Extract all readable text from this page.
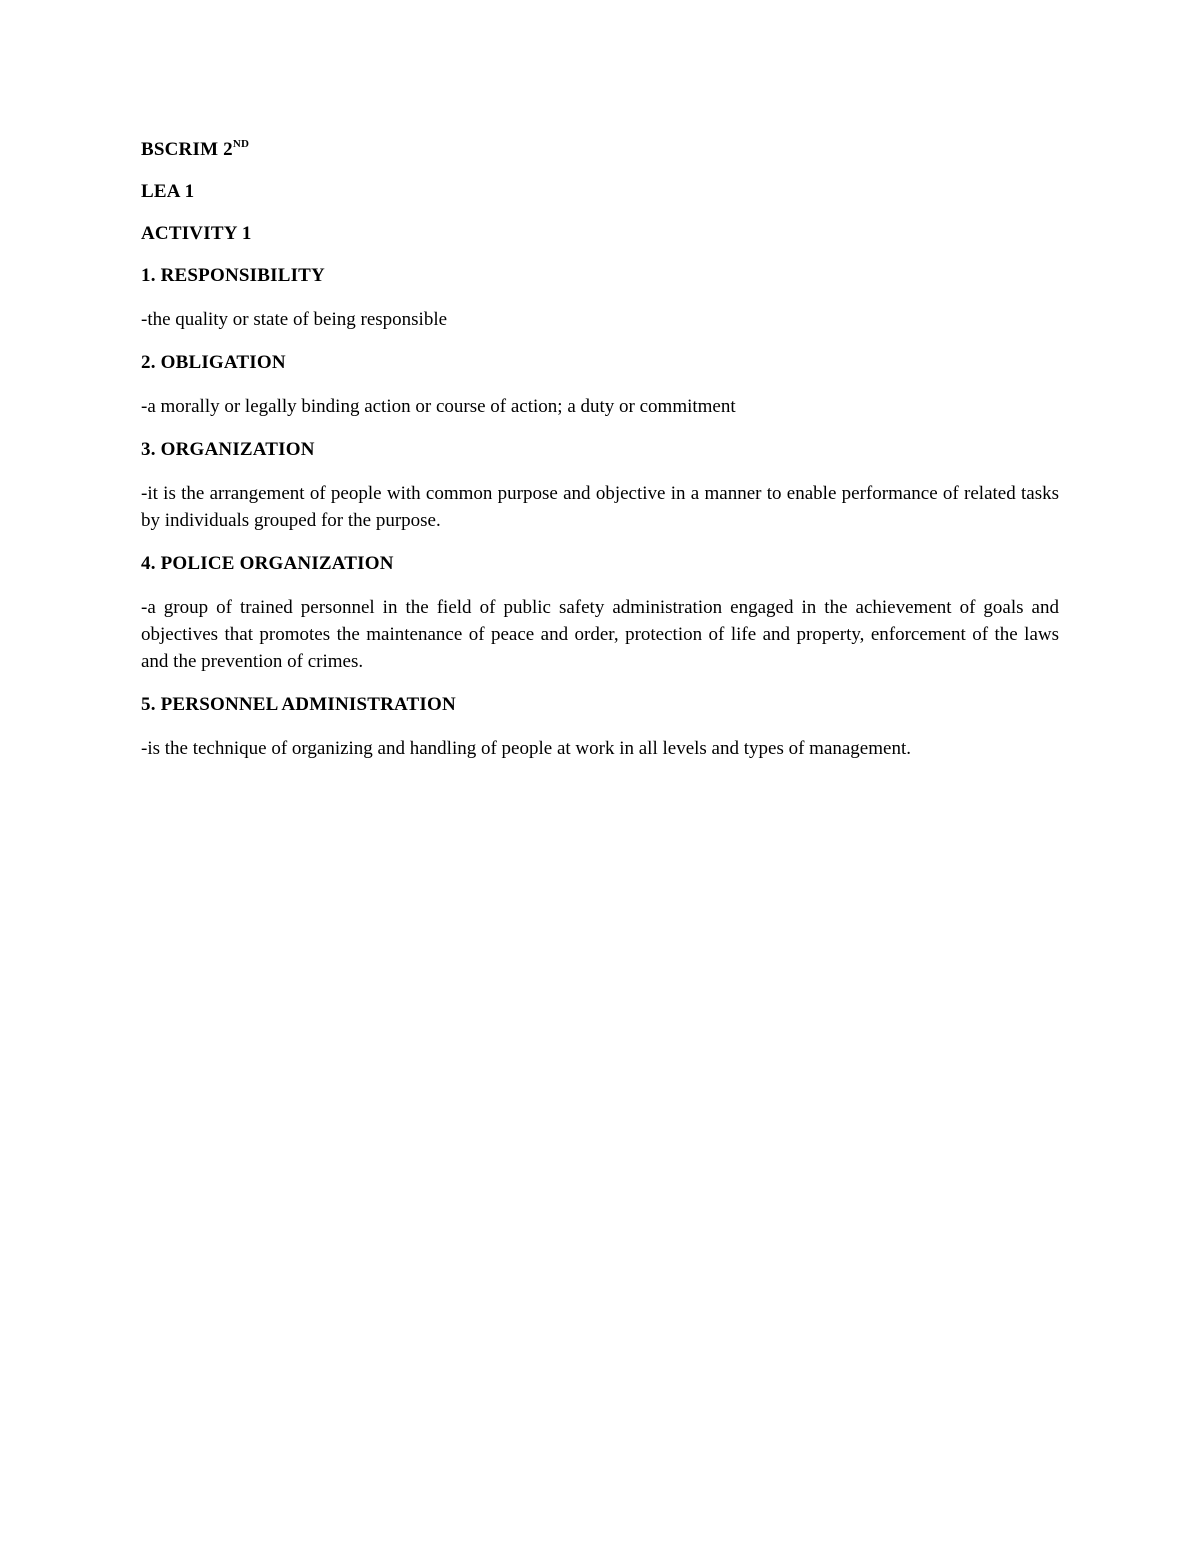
BSCRIM 2ND

LEA 1

ACTIVITY 1

1. RESPONSIBILITY

-the quality or state of being responsible

2. OBLIGATION

-a morally or legally binding action or course of action; a duty or commitment

3. ORGANIZATION

-it is the arrangement of people with common purpose and objective in a manner to enable performance of related tasks by individuals grouped for the purpose.

4. POLICE ORGANIZATION

-a group of trained personnel in the field of public safety administration engaged in the achievement of goals and objectives that promotes the maintenance of peace and order, protection of life and property, enforcement of the laws and the prevention of crimes.

5. PERSONNEL ADMINISTRATION

-is the technique of organizing and handling of people at work in all levels and types of management.
